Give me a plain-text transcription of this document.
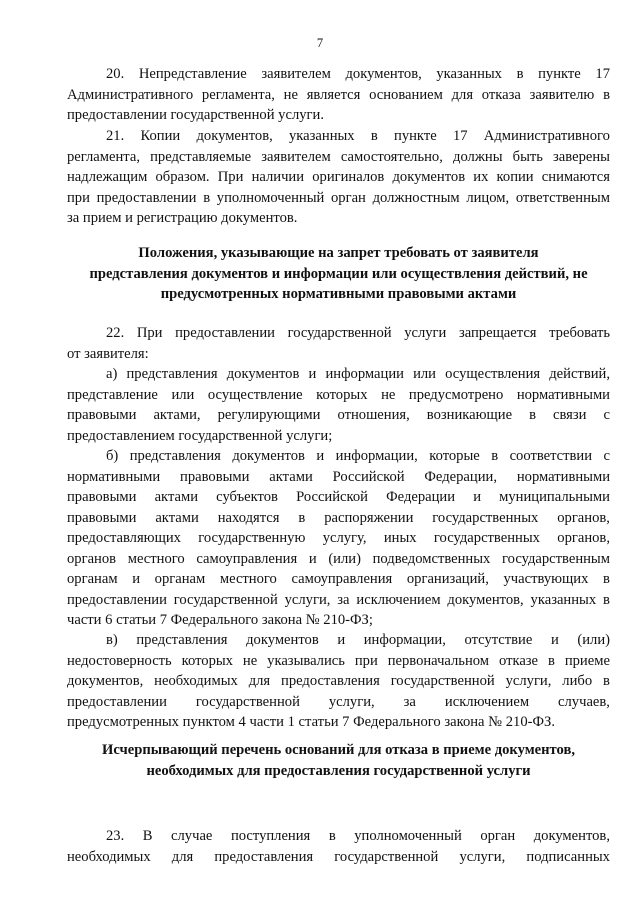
7
20. Непредставление заявителем документов, указанных в пункте 17
Административного регламента, не является основанием для отказа заявителю в
предоставлении государственной услуги.
21. Копии документов, указанных в пункте 17 Административного
регламента, представляемые заявителем самостоятельно, должны быть заверены
надлежащим образом. При наличии оригиналов документов их копии снимаются
при предоставлении в уполномоченный орган должностным лицом, ответственным
за прием и регистрацию документов.
Положения, указывающие на запрет требовать от заявителя
представления документов и информации или осуществления действий, не
предусмотренных нормативными правовыми актами
22. При предоставлении государственной услуги запрещается требовать
от заявителя:
а) представления документов и информации или осуществления действий,
представление или осуществление которых не предусмотрено нормативными
правовыми актами, регулирующими отношения, возникающие в связи с
предоставлением государственной услуги;
б) представления документов и информации, которые в соответствии с
нормативными правовыми актами Российской Федерации, нормативными
правовыми актами субъектов Российской Федерации и муниципальными
правовыми актами находятся в распоряжении государственных органов,
предоставляющих государственную услугу, иных государственных органов,
органов местного самоуправления и (или) подведомственных государственным
органам и органам местного самоуправления организаций, участвующих в
предоставлении государственной услуги, за исключением документов, указанных в
части 6 статьи 7 Федерального закона № 210-ФЗ;
в) представления документов и информации, отсутствие и (или)
недостоверность которых не указывались при первоначальном отказе в приеме
документов, необходимых для предоставления государственной услуги, либо в
предоставлении государственной услуги, за исключением случаев,
предусмотренных пунктом 4 части 1 статьи 7 Федерального закона № 210-ФЗ.
Исчерпывающий перечень оснований для отказа в приеме документов,
необходимых для предоставления государственной услуги
23. В случае поступления в уполномоченный орган документов,
необходимых для предоставления государственной услуги, подписанных
